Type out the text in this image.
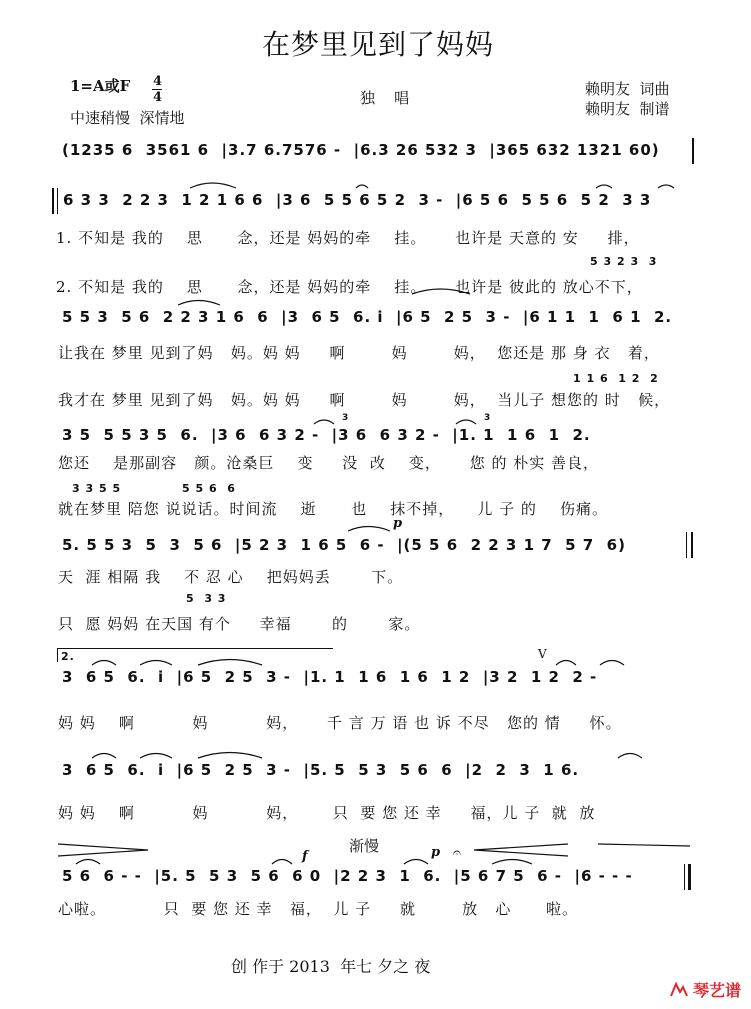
在梦里见到了妈妈
1=A或F 4
4	独    唱
中速稍慢  深情地
赖明友  词曲
赖明友  制谱
(1235 6  3561 6  |3.7 6.7576 -  |6.3 26 532 3  |365 632 1321 60)
6 3 3  2 2 3  1 2 1 6 6  |3 6  5 5 6 5 2  3 -  |6 5 6  5 5 6  5 2  3 3
1. 不知是 我的    思      念，还是 妈妈的牵    挂。     也许是 天意的 安     排，
5 3 2 3  3
2. 不知是 我的    思      念，还是 妈妈的牵    挂。     也许是 彼此的 放心不下，
5 5 3  5 6  2 2 3 1 6  6  |3  6 5  6. i  |6 5  2 5  3 -  |6 1 1  1  6 1  2.
让我在 梦里 见到了妈   妈。妈 妈     啊        妈        妈，  您还是 那 身 衣   着，
1 1 6  1 2  2
我才在 梦里 见到了妈   妈。妈 妈     啊        妈        妈，  当儿子 想您的 时   候，
3 5  5 5 3 5  6.  |3 6  6 3 2 -  |3 6  6 3 2 -  |1. 1  1 6  1  2.
3	3
您还    是那副容   颜。沧桑巨    变     没  改    变，     您 的 朴实 善良，
3 3 5 5	5 5 6  6
就在梦里 陪您 说说话。时间流    逝      也    抹不掉，    儿 子 的    伤痛。
5. 5 5 3  5  3  5 6  |5 2 3  1 6 5  6 -  |(5 5 6  2 2 3 1 7  5 7  6)
p
天  涯 相隔 我    不 忍 心    把妈妈丢       下。
5  3 3
只  愿 妈妈 在天国 有个     幸福       的       家。
2.	V
3  6 5  6.  i  |6 5  2 5  3 -  |1. 1  1 6  1 6  1 2  |3 2  1 2  2 -
妈 妈    啊          妈          妈，     千 言 万 语 也 诉 不尽   您的 情     怀。
3  6 5  6.  i  |6 5  2 5  3 -  |5. 5  5 3  5 6  6  |2  2  3  1 6.
妈 妈    啊          妈          妈，      只  要 您 还 幸     福，儿 子  就  放
渐慢
f	p 𝄐
5 6  6 - -  |5. 5  5 3  5 6  6 0  |2 2 3  1  6.  |5 6 7 5  6 -  |6 - - -
心啦。          只  要 您 还 幸   福，  儿 子     就        放   心      啦。
创 作于 2013  年七 夕之 夜
琴艺谱
